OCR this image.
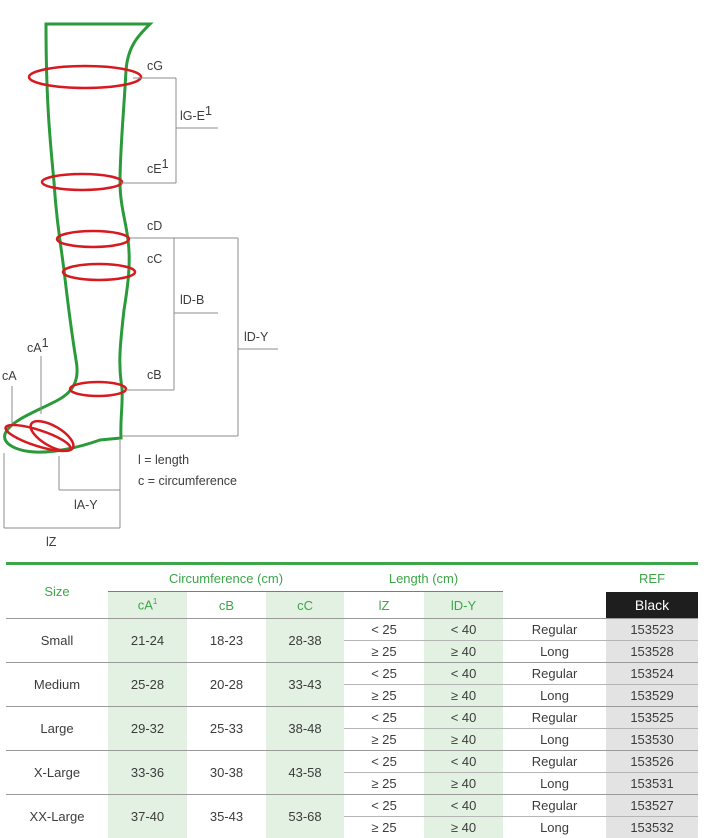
cG
lG-E1
cE1
cD
cC
lD-B
lD-Y
cB
cA1
cA
lA-Y
lZ
l = length
c = circumference
Size	Circumference (cm)			Length (cm)			REF
	$cA^1$	cB	cC	lZ	lD-Y		Black
Small	21-24	18-23	28-38	< 25	< 40	Regular	153523
				≥ 25	≥ 40	Long	153528
Medium	25-28	20-28	33-43	< 25	< 40	Regular	153524
				≥ 25	≥ 40	Long	153529
Large	29-32	25-33	38-48	< 25	< 40	Regular	153525
				≥ 25	≥ 40	Long	153530
X-Large	33-36	30-38	43-58	< 25	< 40	Regular	153526
				≥ 25	≥ 40	Long	153531
XX-Large	37-40	35-43	53-68	< 25	< 40	Regular	153527
				≥ 25	≥ 40	Long	153532
